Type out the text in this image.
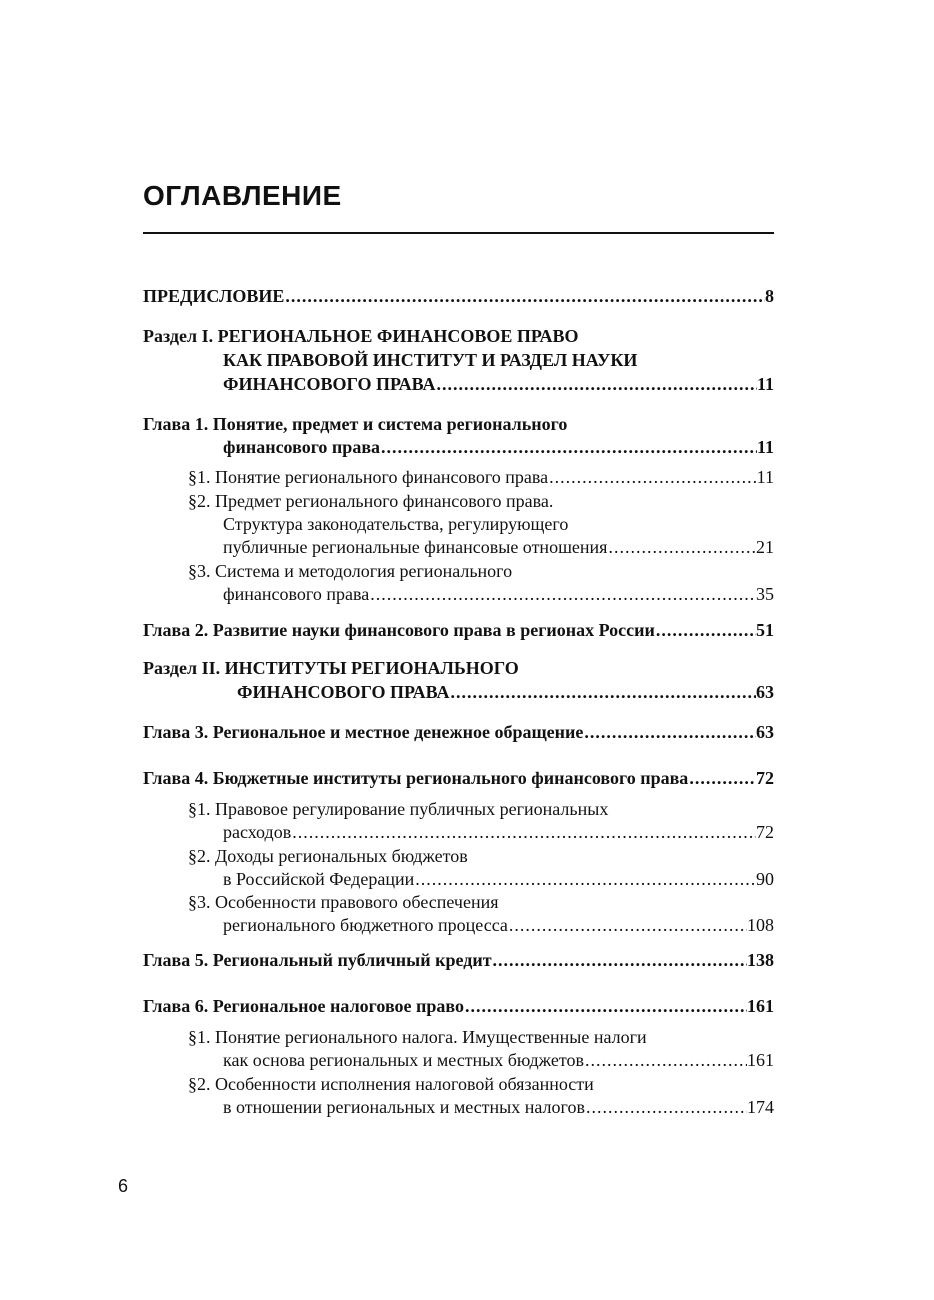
ОГЛАВЛЕНИЕ
ПРЕДИСЛОВИЕ .....	8
Раздел I. РЕГИОНАЛЬНОЕ ФИНАНСОВОЕ ПРАВО
КАК ПРАВОВОЙ ИНСТИТУТ И РАЗДЕЛ НАУКИ
ФИНАНСОВОГО ПРАВА .....	11
Глава 1. Понятие, предмет и система регионального
финансового права .....	11
§1. Понятие регионального финансового права .....	11
§2. Предмет регионального финансового права.
Структура законодательства, регулирующего
публичные региональные финансовые отношения .....	21
§3. Система и методология регионального
финансового права .....	35
Глава 2. Развитие науки финансового права в регионах России .....	51
Раздел II. ИНСТИТУТЫ РЕГИОНАЛЬНОГО
ФИНАНСОВОГО ПРАВА .....	63
Глава 3. Региональное и местное денежное обращение .....	63
Глава 4. Бюджетные институты регионального финансового права .....	72
§1. Правовое регулирование публичных региональных
расходов .....	72
§2. Доходы региональных бюджетов
в Российской Федерации .....	90
§3. Особенности правового обеспечения
регионального бюджетного процесса .....	108
Глава 5. Региональный публичный кредит .....	138
Глава 6. Региональное налоговое право .....	161
§1. Понятие регионального налога. Имущественные налоги
как основа региональных и местных бюджетов .....	161
§2. Особенности исполнения налоговой обязанности
в отношении региональных и местных налогов .....	174
6
